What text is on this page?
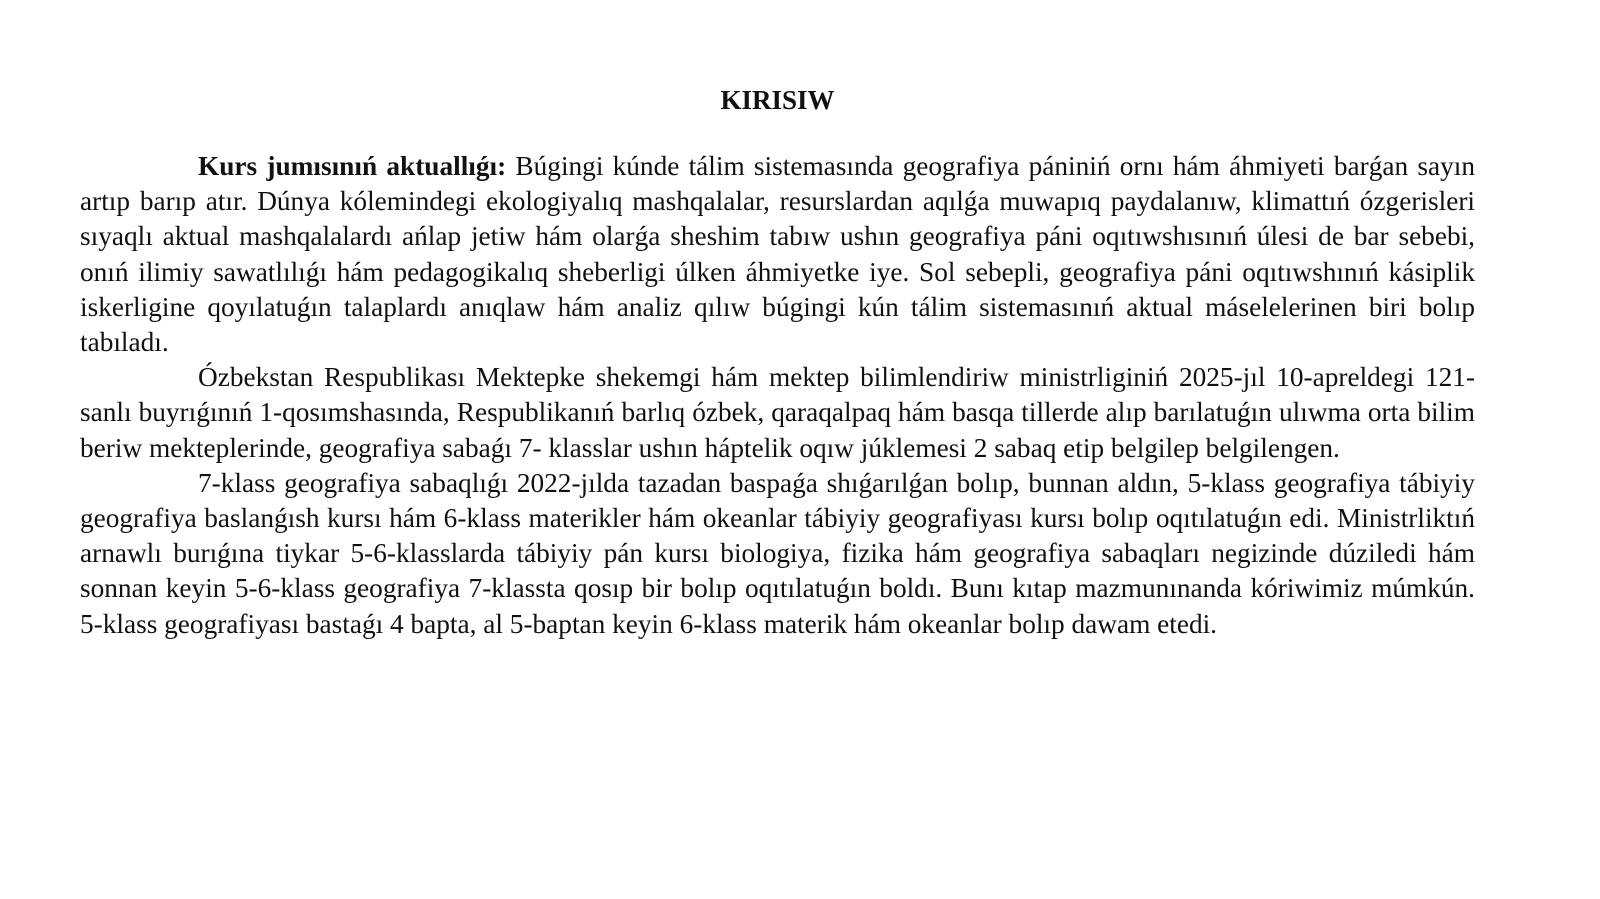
KIRISIW

Kurs jumısınıń aktuallıǵı: Búgingi kúnde tálim sistemasında geografiya pániniń ornı hám áhmiyeti barǵan sayın artıp barıp atır. Dúnya kólemindegi ekologiyalıq mashqalalar, resurslardan aqılǵa muwapıq paydalanıw, klimattıń ózgerisleri sıyaqlı aktual mashqalalardı ańlap jetiw hám olarǵa sheshim tabıw ushın geografiya páni oqıtıwshısınıń úlesi de bar sebebi, onıń ilimiy sawatlılıǵı hám pedagogikalıq sheberligi úlken áhmiyetke iye. Sol sebepli, geografiya páni oqıtıwshınıń kásiplik iskerligine qoyılatuǵın talaplardı anıqlaw hám analiz qılıw búgingi kún tálim sistemasınıń aktual máselelerinen biri bolıp tabıladı.

Ózbekstan Respublikası Mektepke shekemgi hám mektep bilimlendiriw ministrliginiń 2025-jıl 10-apreldegi 121-sanlı buyrıǵınıń 1-qosımshasında, Respublikanıń barlıq ózbek, qaraqalpaq hám basqa tillerde alıp barılatuǵın ulıwma orta bilim beriw mekteplerinde, geografiya sabaǵı 7- klasslar ushın háptelik oqıw júklemesi 2 sabaq etip belgilep belgilengen.

7-klass geografiya sabaqlıǵı 2022-jılda tazadan baspaǵa shıǵarılǵan bolıp, bunnan aldın, 5-klass geografiya tábiyiy geografiya baslanǵısh kursı hám 6-klass materikler hám okeanlar tábiyiy geografiyası kursı bolıp oqıtılatuǵın edi. Ministrliktıń arnawlı burıǵına tiykar 5-6-klasslarda tábiyiy pán kursı biologiya, fizika hám geografiya sabaqları negizinde dúziledi hám sonnan keyin 5-6-klass geografiya 7-klassta qosıp bir bolıp oqıtılatuǵın boldı. Bunı kıtap mazmunınanda kóriwimiz múmkún. 5-klass geografiyası bastaǵı 4 bapta, al 5-baptan keyin 6-klass materik hám okeanlar bolıp dawam etedi.
